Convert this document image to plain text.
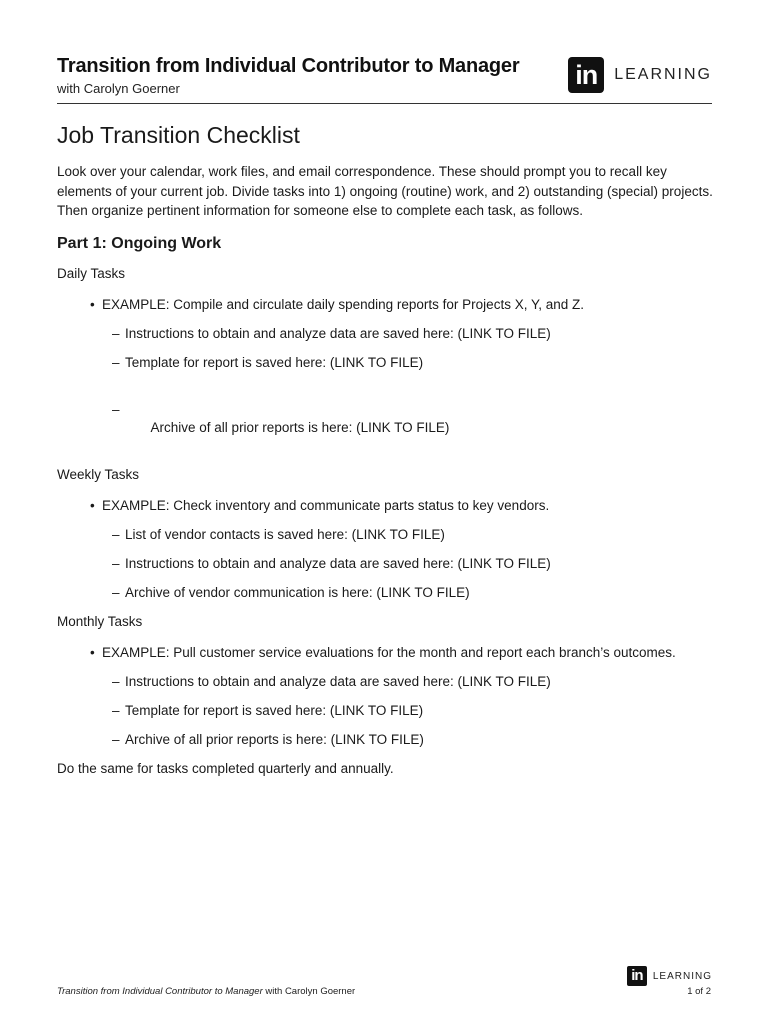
Transition from Individual Contributor to Manager
with Carolyn Goerner	in	LEARNING
Job Transition Checklist

Look over your calendar, work files, and email correspondence. These should prompt you to recall key elements of your current job. Divide tasks into 1) ongoing (routine) work, and 2) outstanding (special) projects. Then organize pertinent information for someone else to complete each task, as follows.

Part 1: Ongoing Work
Daily Tasks
• EXAMPLE: Compile and circulate daily spending reports for Projects X, Y, and Z.
– Instructions to obtain and analyze data are saved here: (LINK TO FILE)
– Template for report is saved here: (LINK TO FILE)

–

Archive of all prior reports is here: (LINK TO FILE)

Weekly Tasks
• EXAMPLE: Check inventory and communicate parts status to key vendors.
– List of vendor contacts is saved here: (LINK TO FILE)
– Instructions to obtain and analyze data are saved here: (LINK TO FILE)
– Archive of vendor communication is here: (LINK TO FILE)
Monthly Tasks
• EXAMPLE: Pull customer service evaluations for the month and report each branch’s outcomes.
– Instructions to obtain and analyze data are saved here: (LINK TO FILE)
– Template for report is saved here: (LINK TO FILE)
– Archive of all prior reports is here: (LINK TO FILE)

Do the same for tasks completed quarterly and annually.

Transition from Individual Contributor to Manager with Carolyn Goerner
in	LEARNING
1 of 2
